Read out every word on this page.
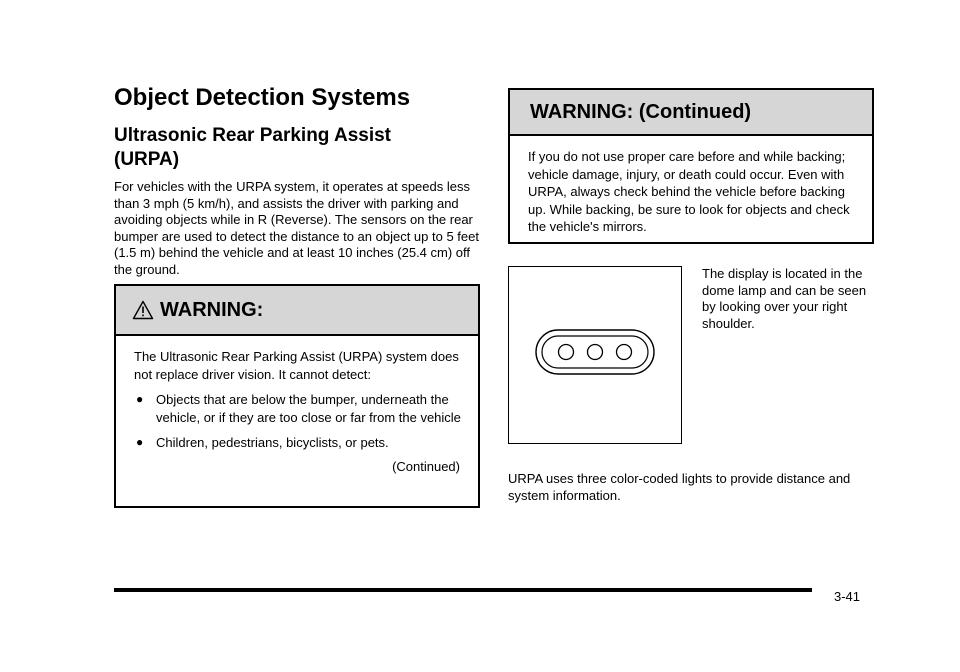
Object Detection Systems
Ultrasonic Rear Parking Assist (URPA)

For vehicles with the URPA system, it operates at speeds less than 3 mph (5 km/h), and assists the driver with parking and avoiding objects while in R (Reverse). The sensors on the rear bumper are used to detect the distance to an object up to 5 feet (1.5 m) behind the vehicle and at least 10 inches (25.4 cm) off the ground.

WARNING:

The Ultrasonic Rear Parking Assist (URPA) system does not replace driver vision. It cannot detect:

● Objects that are below the bumper, underneath the vehicle, or if they are too close or far from the vehicle
● Children, pedestrians, bicyclists, or pets.
(Continued)
WARNING: (Continued)

If you do not use proper care before and while backing; vehicle damage, injury, or death could occur. Even with URPA, always check behind the vehicle before backing up. While backing, be sure to look for objects and check the vehicle's mirrors.

The display is located in the dome lamp and can be seen by looking over your right shoulder.

URPA uses three color-coded lights to provide distance and system information.

3-41
